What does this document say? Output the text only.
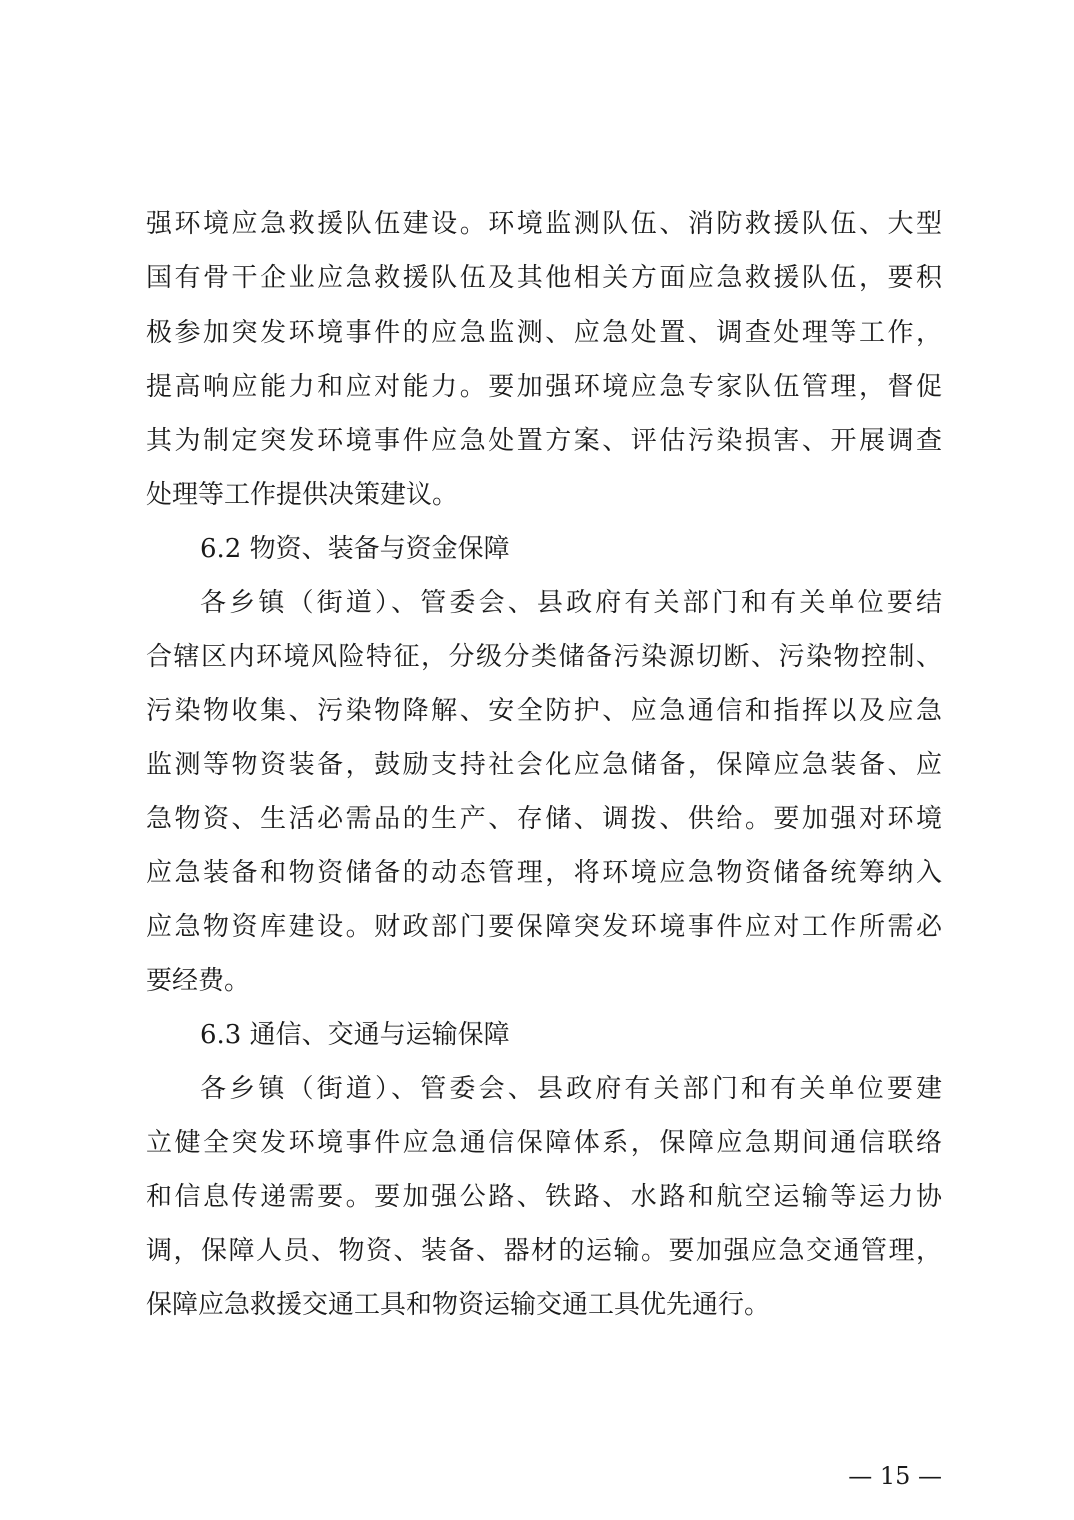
强环境应急救援队伍建设。环境监测队伍、消防救援队伍、大型
国有骨干企业应急救援队伍及其他相关方面应急救援队伍，要积
极参加突发环境事件的应急监测、应急处置、调查处理等工作，
提高响应能力和应对能力。要加强环境应急专家队伍管理，督促
其为制定突发环境事件应急处置方案、评估污染损害、开展调查
处理等工作提供决策建议。
6.2 物资、装备与资金保障
各乡镇（街道）、管委会、县政府有关部门和有关单位要结
合辖区内环境风险特征，分级分类储备污染源切断、污染物控制、
污染物收集、污染物降解、安全防护、应急通信和指挥以及应急
监测等物资装备，鼓励支持社会化应急储备，保障应急装备、应
急物资、生活必需品的生产、存储、调拨、供给。要加强对环境
应急装备和物资储备的动态管理，将环境应急物资储备统筹纳入
应急物资库建设。财政部门要保障突发环境事件应对工作所需必
要经费。
6.3 通信、交通与运输保障
各乡镇（街道）、管委会、县政府有关部门和有关单位要建
立健全突发环境事件应急通信保障体系，保障应急期间通信联络
和信息传递需要。要加强公路、铁路、水路和航空运输等运力协
调，保障人员、物资、装备、器材的运输。要加强应急交通管理，
保障应急救援交通工具和物资运输交通工具优先通行。
— 15 —
